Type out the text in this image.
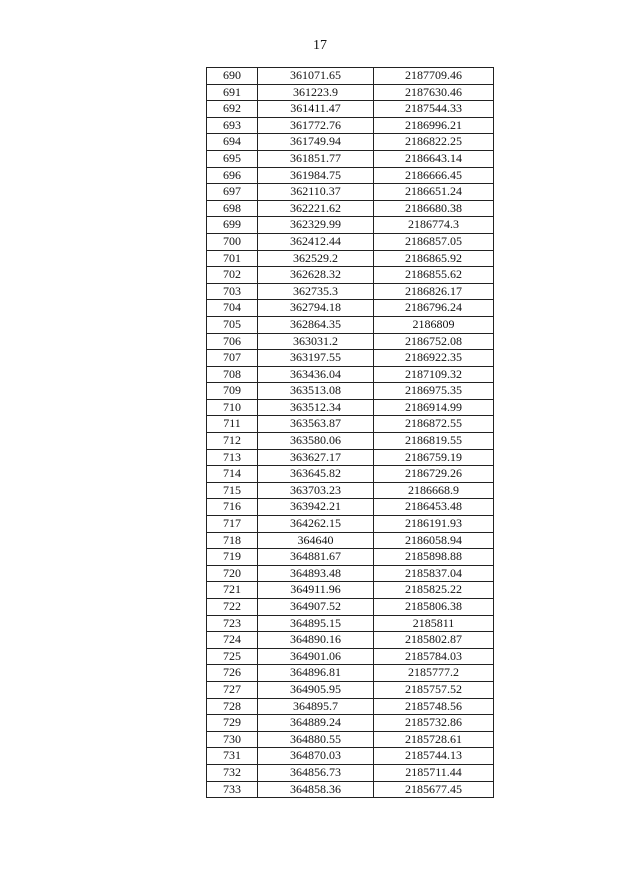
17
690	361071.65	2187709.46
691	361223.9	2187630.46
692	361411.47	2187544.33
693	361772.76	2186996.21
694	361749.94	2186822.25
695	361851.77	2186643.14
696	361984.75	2186666.45
697	362110.37	2186651.24
698	362221.62	2186680.38
699	362329.99	2186774.3
700	362412.44	2186857.05
701	362529.2	2186865.92
702	362628.32	2186855.62
703	362735.3	2186826.17
704	362794.18	2186796.24
705	362864.35	2186809
706	363031.2	2186752.08
707	363197.55	2186922.35
708	363436.04	2187109.32
709	363513.08	2186975.35
710	363512.34	2186914.99
711	363563.87	2186872.55
712	363580.06	2186819.55
713	363627.17	2186759.19
714	363645.82	2186729.26
715	363703.23	2186668.9
716	363942.21	2186453.48
717	364262.15	2186191.93
718	364640	2186058.94
719	364881.67	2185898.88
720	364893.48	2185837.04
721	364911.96	2185825.22
722	364907.52	2185806.38
723	364895.15	2185811
724	364890.16	2185802.87
725	364901.06	2185784.03
726	364896.81	2185777.2
727	364905.95	2185757.52
728	364895.7	2185748.56
729	364889.24	2185732.86
730	364880.55	2185728.61
731	364870.03	2185744.13
732	364856.73	2185711.44
733	364858.36	2185677.45
